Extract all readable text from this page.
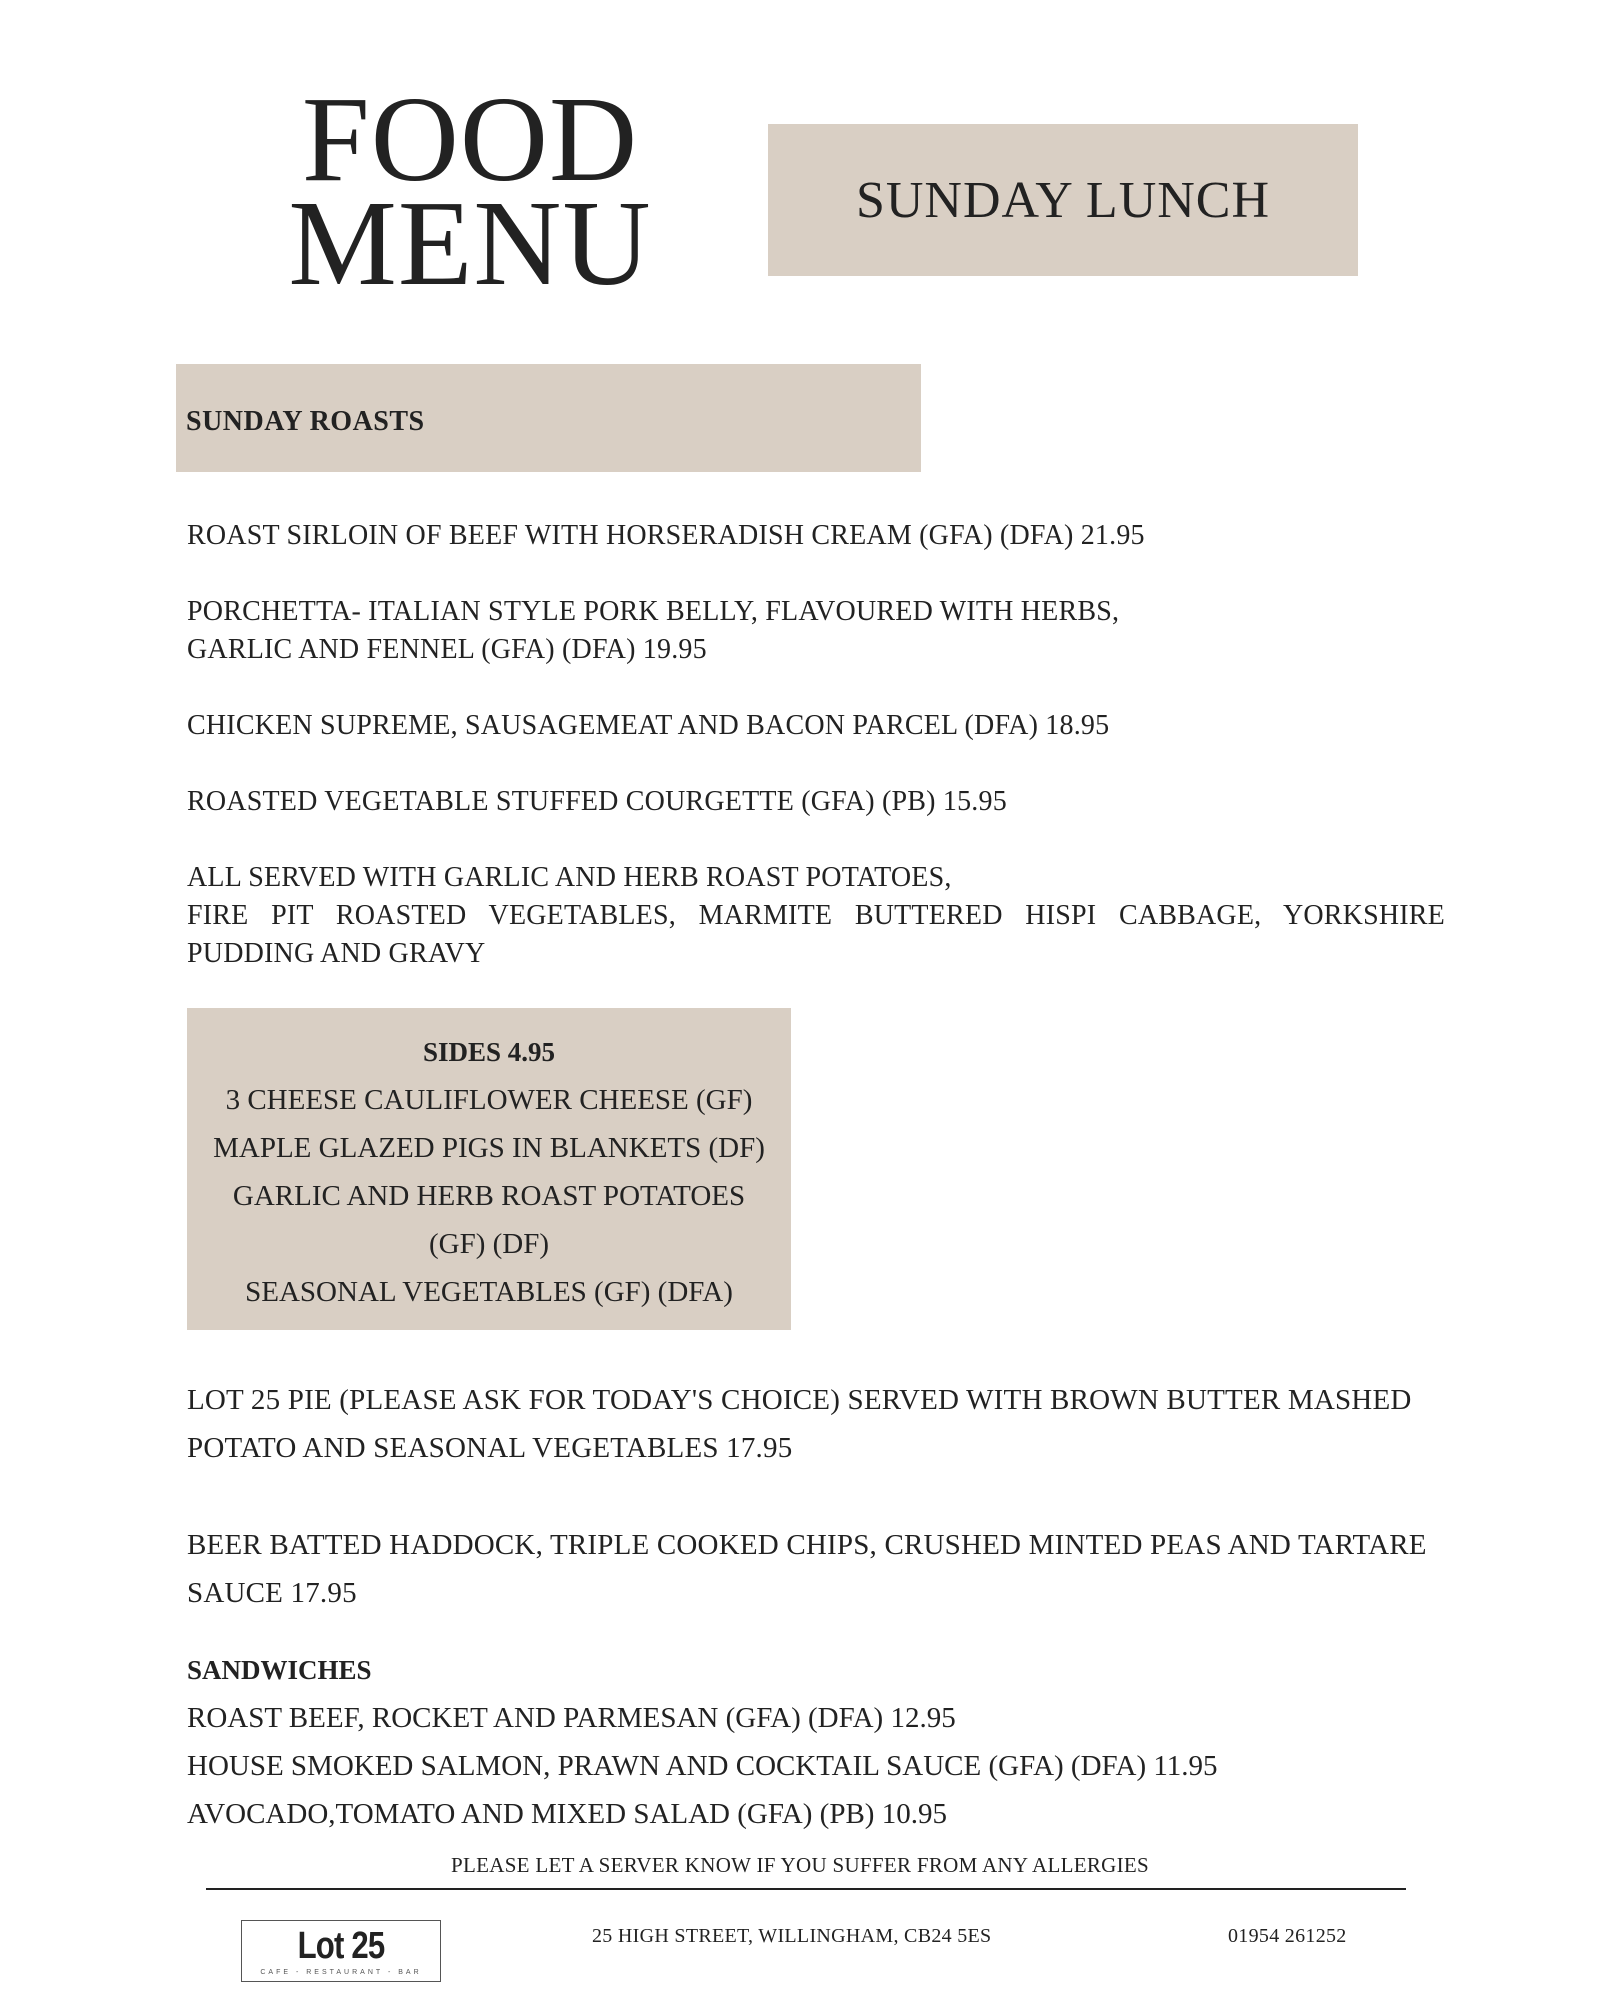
FOOD
MENU	SUNDAY LUNCH
SUNDAY ROASTS
ROAST SIRLOIN OF BEEF WITH HORSERADISH CREAM (GFA) (DFA) 21.95
PORCHETTA- ITALIAN STYLE PORK BELLY, FLAVOURED WITH HERBS,
GARLIC AND FENNEL (GFA) (DFA) 19.95
CHICKEN SUPREME, SAUSAGEMEAT AND BACON PARCEL (DFA) 18.95
ROASTED VEGETABLE STUFFED COURGETTE (GFA) (PB) 15.95
ALL SERVED WITH GARLIC AND HERB ROAST POTATOES,
FIRE PIT ROASTED VEGETABLES, MARMITE BUTTERED HISPI CABBAGE, YORKSHIRE
PUDDING AND GRAVY
SIDES 4.95
3 CHEESE CAULIFLOWER CHEESE (GF)
MAPLE GLAZED PIGS IN BLANKETS (DF)
GARLIC AND HERB ROAST POTATOES
(GF) (DF)
SEASONAL VEGETABLES (GF) (DFA)
LOT 25 PIE (PLEASE ASK FOR TODAY'S CHOICE) SERVED WITH BROWN BUTTER MASHED
POTATO AND SEASONAL VEGETABLES 17.95
BEER BATTED HADDOCK, TRIPLE COOKED CHIPS, CRUSHED MINTED PEAS AND TARTARE
SAUCE 17.95
SANDWICHES
ROAST BEEF, ROCKET AND PARMESAN (GFA) (DFA) 12.95
HOUSE SMOKED SALMON, PRAWN AND COCKTAIL SAUCE (GFA) (DFA) 11.95
AVOCADO,TOMATO AND MIXED SALAD (GFA) (PB) 10.95
PLEASE LET A SERVER KNOW IF YOU SUFFER FROM ANY ALLERGIES
Lot 25
CAFE - RESTAURANT - BAR
25 HIGH STREET, WILLINGHAM, CB24 5ES	01954 261252
